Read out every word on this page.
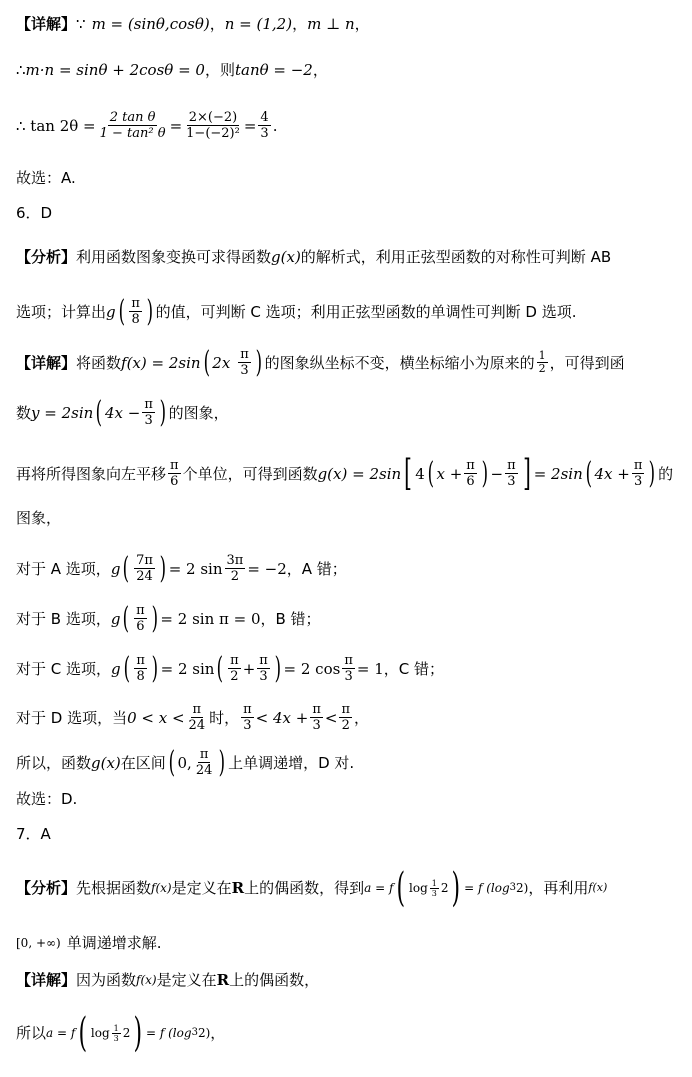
【详解】 ∵ m = (sinθ,cosθ) ， n = (1,2) ， m ⊥ n ，
∴ m·n = sinθ + 2cosθ = 0 ，则 tanθ = −2 ，
∴ $\tan 2\theta = \frac{\text{2 tan θ}}{\text{1 − tan² θ}} = \frac{2\times(-2)}{\text{1−(−2)²}} = \frac{4}{3}$ .
故选：A.
6．D
【分析】 利用函数图象变换可求得函数 g(x) 的解析式，利用正弦型函数的对称性可判断 AB
选项；计算出 g ( $\frac{\pi}{8}$ ) 的值，可判断 C 选项；利用正弦型函数的单调性可判断 D 选项.
【详解】 将函数 f(x) = 2sin ( $2x \frac{\pi}{3}$ ) 的图象纵坐标不变，横坐标缩小为原来的 $\frac{1}{2}$ ，可得到函
数 y = 2sin ( $4x - \frac{\pi}{3}$ ) 的图象，
再将所得图象向左平移 $\frac{\pi}{6}$ 个单位，可得到函数 g(x) = 2sin [ 4 ( $x + \frac{\pi}{6}$ ) − $\frac{\pi}{3}$ ] = 2sin ( $4x + \frac{\pi}{3}$ ) 的
图象，
对于 A 选项， g ( $\frac{7\pi}{24}$ ) = 2 $\sin \frac{3\pi}{2} = -2$ ，A 错；
对于 B 选项， g ( $\frac{\pi}{6}$ ) = 2 sin π = 0 ，B 错；
对于 C 选项， g ( $\frac{\pi}{8}$ ) = 2 sin ( $\frac{\pi}{2} + \frac{\pi}{3}$ ) = 2 $\cos \frac{\pi}{3} = 1$ ，C 错；
对于 D 选项，当 $0 < x < \frac{\pi}{24}$ 时， $\frac{\pi}{3} < 4x + \frac{\pi}{3} < \frac{\pi}{2}$ ，
所以，函数 g(x) 在区间 ( 0, $\frac{\pi}{24}$ ) 上单调递增，D 对.
故选：D.
7．A
【分析】 先根据函数 f(x) 是定义在 R 上的偶函数，得到 a = f ( $\log \frac{1}{3} 2$ ) = f (log 3 2) ，再利用 f(x)
[0, +∞) 单调递增求解.
【详解】 因为函数 f(x) 是定义在 R 上的偶函数，
所以 a = f ( $\log \frac{1}{3} 2$ ) = f (log 3 2) ，
